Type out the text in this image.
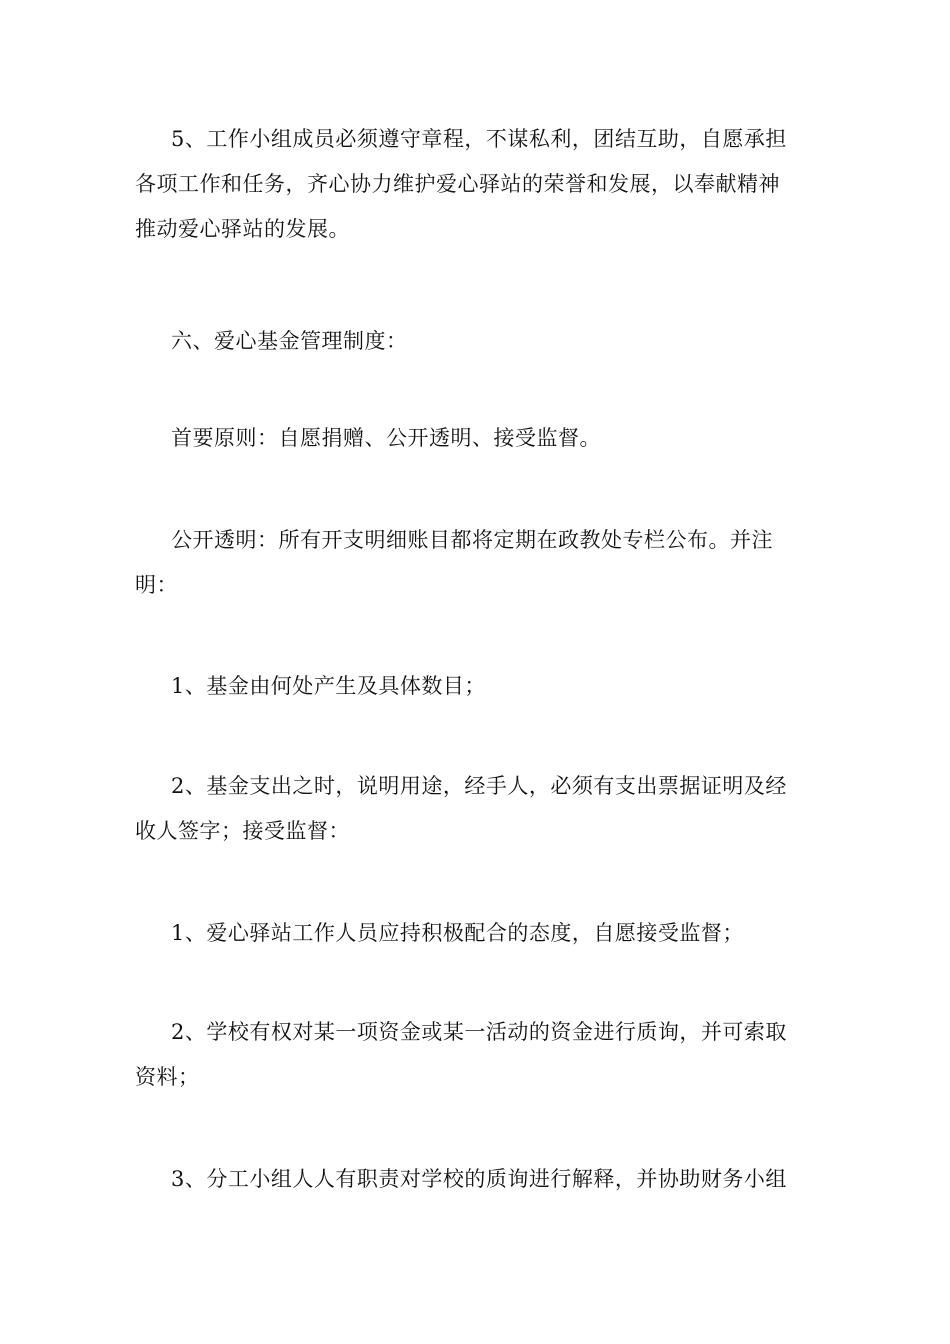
5、工作小组成员必须遵守章程，不谋私利，团结互助，自愿承担
各项工作和任务，齐心协力维护爱心驿站的荣誉和发展，以奉献精神
推动爱心驿站的发展。
六、爱心基金管理制度：
首要原则：自愿捐赠、公开透明、接受监督。
公开透明：所有开支明细账目都将定期在政教处专栏公布。并注
明：
1、基金由何处产生及具体数目；
2、基金支出之时，说明用途，经手人，必须有支出票据证明及经
收人签字；接受监督：
1、爱心驿站工作人员应持积极配合的态度，自愿接受监督；
2、学校有权对某一项资金或某一活动的资金进行质询，并可索取
资料；
3、分工小组人人有职责对学校的质询进行解释，并协助财务小组
